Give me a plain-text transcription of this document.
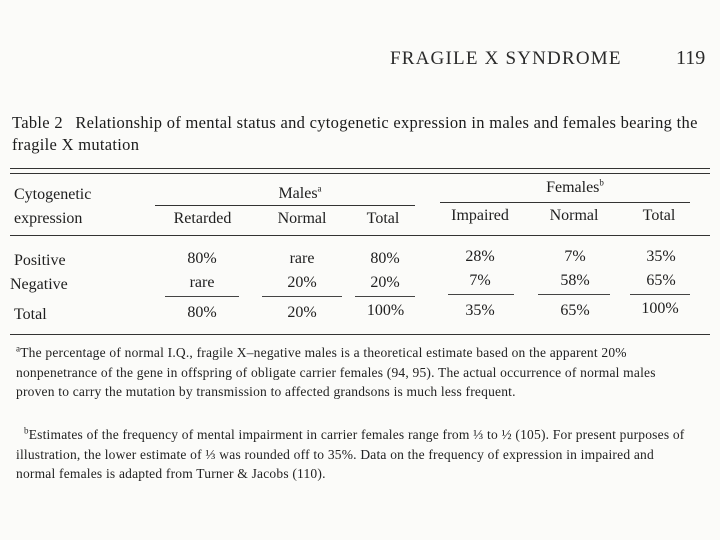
FRAGILE X SYNDROME	119
Table 2 Relationship of mental status and cytogenetic expression in males and females bearing the fragile X mutation
Cytogenetic
expression
Males$^a$	Females$^b$
Retarded	Normal	Total	Impaired	Normal	Total
Positive	80%	rare	80%	28%	7%	35%
Negative	rare	20%	20%	7%	58%	65%
Total	80%	20%	100%	35%	65%	100%
$^a$The percentage of normal I.Q., fragile X–negative males is a theoretical estimate based on the apparent 20% nonpenetrance of the gene in offspring of obligate carrier females (94, 95). The actual occurrence of normal males proven to carry the mutation by transmission to affected grandsons is much less frequent.
$^b$Estimates of the frequency of mental impairment in carrier females range from ⅓ to ½ (105). For present purposes of illustration, the lower estimate of ⅓ was rounded off to 35%. Data on the frequency of expression in impaired and normal females is adapted from Turner & Jacobs (110).
